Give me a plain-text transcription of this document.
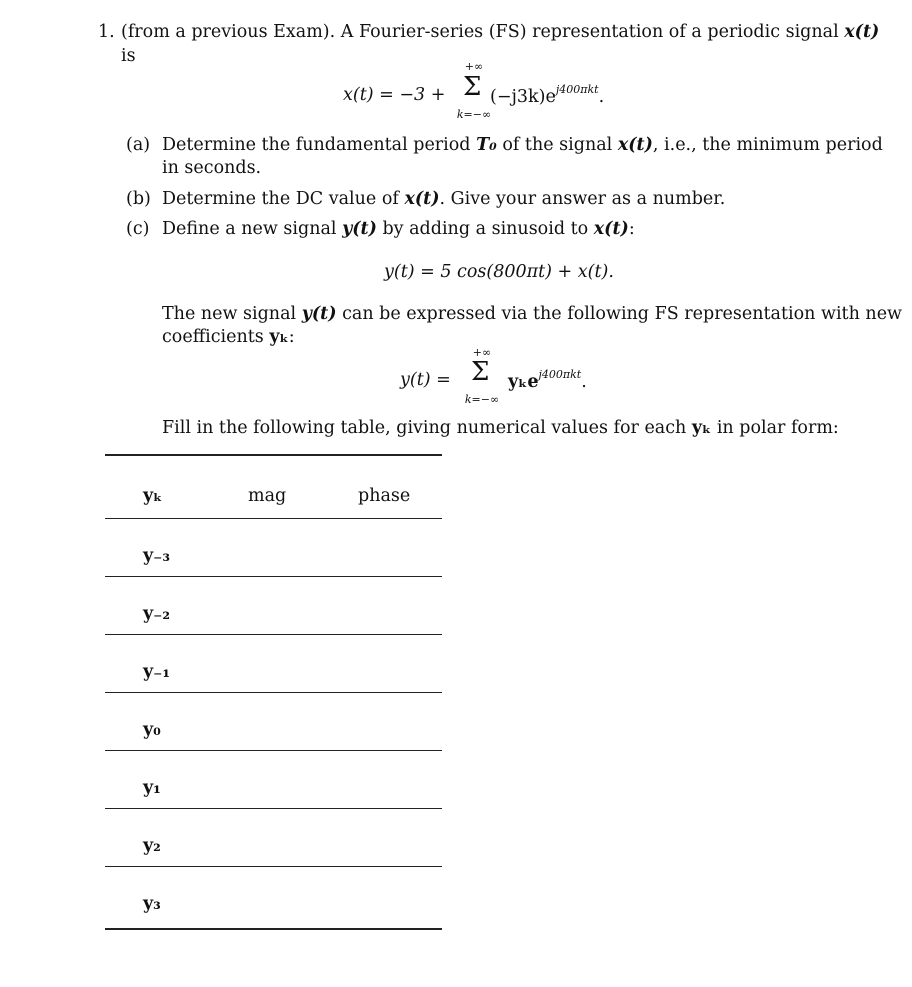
1. (from a previous Exam). A Fourier-series (FS) representation of a periodic signal x(t)
is
x(t) = −3 +
+∞
Σ
k=−∞
$(-j3k)e^{j400\pi kt}$.
(a) Determine the fundamental period T₀ of the signal x(t), i.e., the minimum period
in seconds.
(b) Determine the DC value of x(t). Give your answer as a number.
(c) Define a new signal y(t) by adding a sinusoid to x(t):
y(t) = 5 cos(800πt) + x(t).
The new signal y(t) can be expressed via the following FS representation with new
coefficients yₖ:
y(t) =
+∞
Σ
k=−∞
yₖe$^{j400\pi kt}$.
Fill in the following table, giving numerical values for each yₖ in polar form:
yₖ	mag	phase
y₋₃
y₋₂
y₋₁
y₀
y₁
y₂
y₃
